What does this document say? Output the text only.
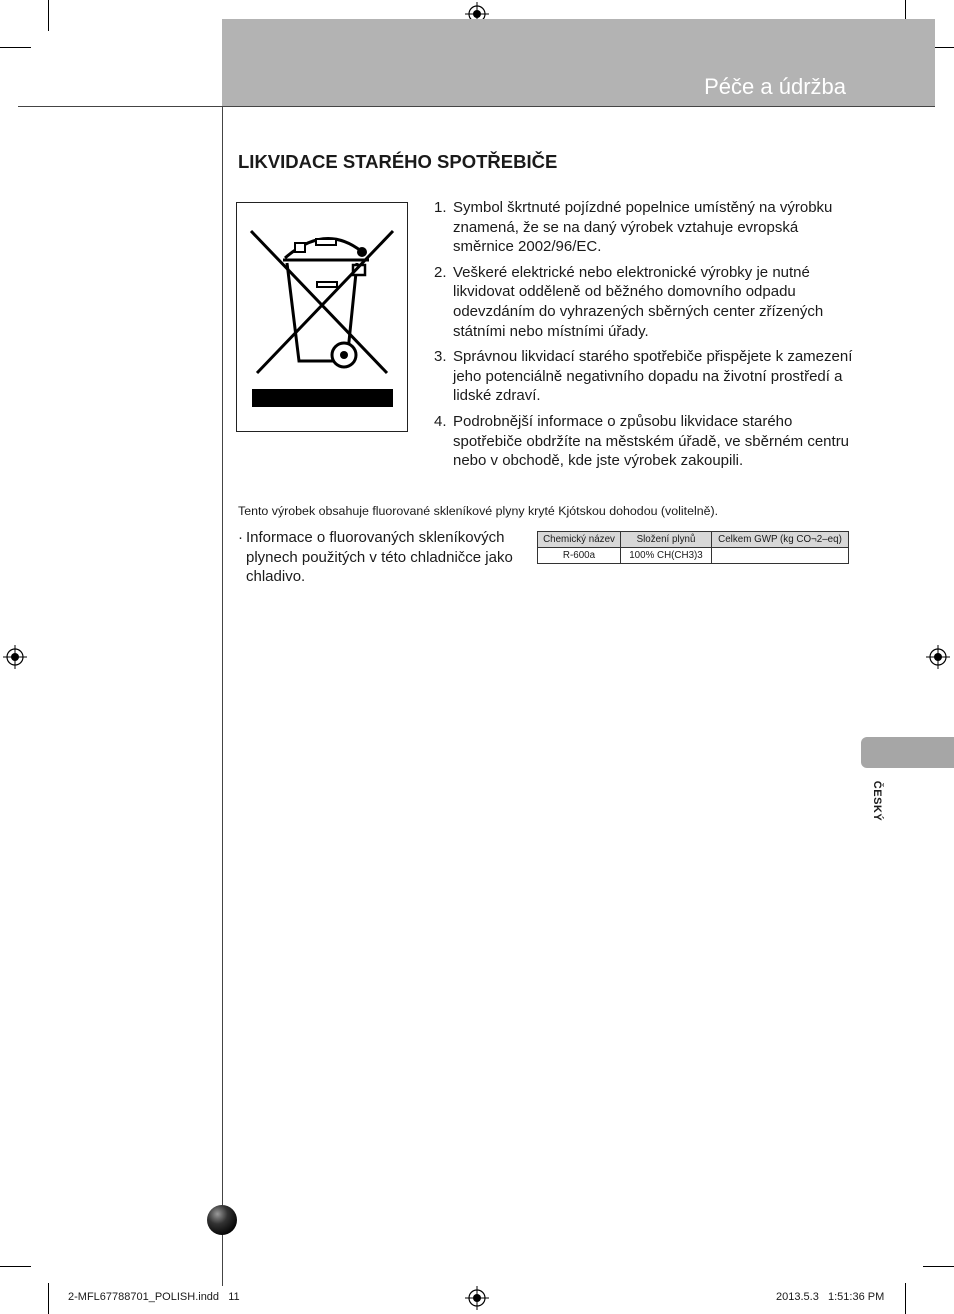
Péče a údržba
LIKVIDACE STARÉHO SPOTŘEBIČE
1. Symbol škrtnuté pojízdné popelnice umístěný na výrobku znamená, že se na daný výrobek vztahuje evropská směrnice 2002/96/EC.
2. Veškeré elektrické nebo elektronické výrobky je nutné likvidovat odděleně od běžného domovního odpadu odevzdáním do vyhrazených sběrných center zřízených státními nebo místními úřady.
3. Správnou likvidací starého spotřebiče přispějete k zamezení jeho potenciálně negativního dopadu na životní prostředí a lidské zdraví.
4. Podrobnější informace o způsobu likvidace starého spotřebiče obdržíte na městském úřadě, ve sběrném centru nebo v obchodě, kde jste výrobek zakoupili.
Tento výrobek obsahuje fluorované skleníkové plyny kryté Kjótskou dohodou (volitelně).
· Informace o fluorovaných skleníkových plynech použitých v této chladničce jako chladivo.
Chemický název	Složení plynů	Celkem GWP (kg CO¬2–eq)
R-600a	100% CH(CH3)3	
ČESKÝ
2-MFL67788701_POLISH.indd   11	2013.5.3   1:51:36 PM
